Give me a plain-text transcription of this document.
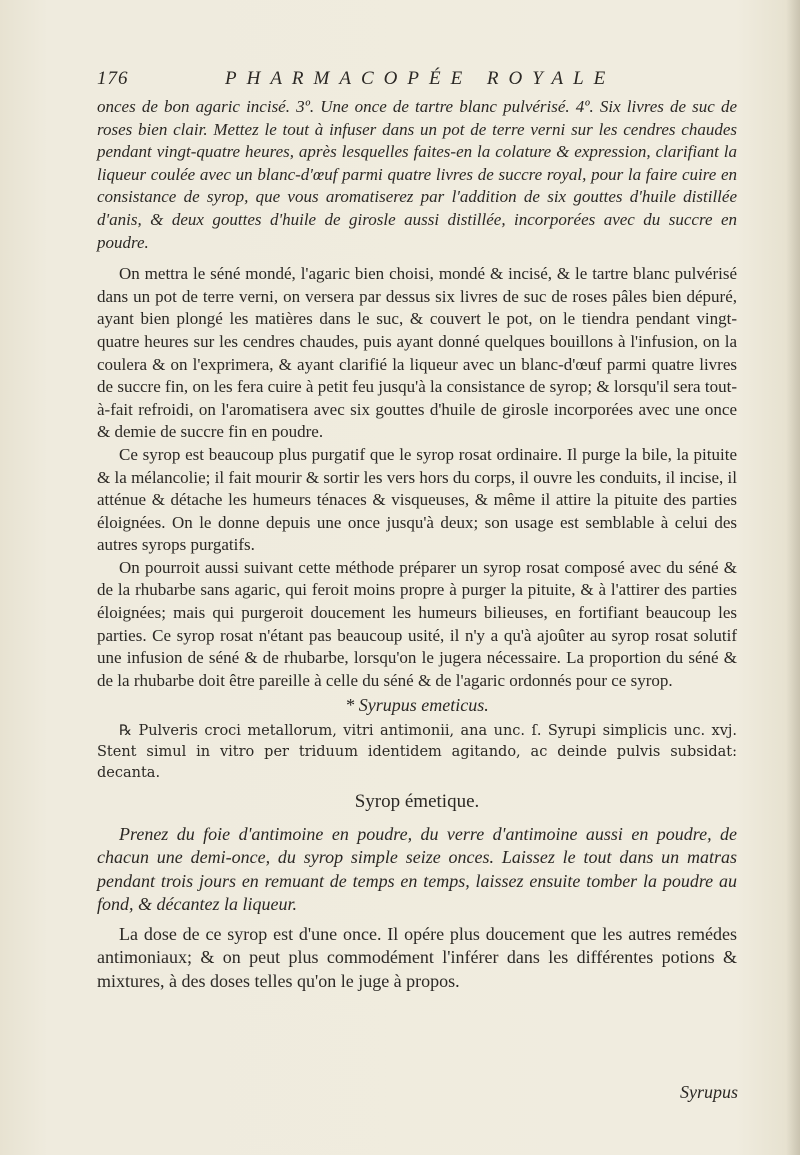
176	PHARMACOPÉE ROYALE

onces de bon agaric incisé. 3º. Une once de tartre blanc pulvérisé. 4º. Six livres de suc de roses bien clair. Mettez le tout à infuser dans un pot de terre verni sur les cendres chaudes pendant vingt-quatre heures, après lesquelles faites-en la colature & expression, clarifiant la liqueur coulée avec un blanc-d'œuf parmi quatre livres de succre royal, pour la faire cuire en consistance de syrop, que vous aromatiserez par l'addition de six gouttes d'huile distillée d'anis, & deux gouttes d'huile de girosle aussi distillée, incorporées avec du succre en poudre.

On mettra le séné mondé, l'agaric bien choisi, mondé & incisé, & le tartre blanc pulvérisé dans un pot de terre verni, on versera par dessus six livres de suc de roses pâles bien dépuré, ayant bien plongé les matières dans le suc, & couvert le pot, on le tiendra pendant vingt-quatre heures sur les cendres chaudes, puis ayant donné quelques bouillons à l'infusion, on la coulera & on l'exprimera, & ayant clarifié la liqueur avec un blanc-d'œuf parmi quatre livres de succre fin, on les fera cuire à petit feu jusqu'à la consistance de syrop; & lorsqu'il sera tout-à-fait refroidi, on l'aromatisera avec six gouttes d'huile de girosle incorporées avec une once & demie de succre fin en poudre.

Ce syrop est beaucoup plus purgatif que le syrop rosat ordinaire. Il purge la bile, la pituite & la mélancolie; il fait mourir & sortir les vers hors du corps, il ouvre les conduits, il incise, il atténue & détache les humeurs ténaces & visqueuses, & même il attire la pituite des parties éloignées. On le donne depuis une once jusqu'à deux; son usage est semblable à celui des autres syrops purgatifs.

On pourroit aussi suivant cette méthode préparer un syrop rosat composé avec du séné & de la rhubarbe sans agaric, qui feroit moins propre à purger la pituite, & à l'attirer des parties éloignées; mais qui purgeroit doucement les humeurs bilieuses, en fortifiant beaucoup les parties. Ce syrop rosat n'étant pas beaucoup usité, il n'y a qu'à ajoûter au syrop rosat solutif une infusion de séné & de rhubarbe, lorsqu'on le jugera nécessaire. La proportion du séné & de la rhubarbe doit être pareille à celle du séné & de l'agaric ordonnés pour ce syrop.

* Syrupus emeticus.

℞ Pulveris croci metallorum, vitri antimonii, ana unc. ſ. Syrupi simplicis unc. xvj. Stent simul in vitro per triduum identidem agitando, ac deinde pulvis subsidat: decanta.

Syrop émetique.

Prenez du foie d'antimoine en poudre, du verre d'antimoine aussi en poudre, de chacun une demi-once, du syrop simple seize onces. Laissez le tout dans un matras pendant trois jours en remuant de temps en temps, laissez ensuite tomber la poudre au fond, & décantez la liqueur.

La dose de ce syrop est d'une once. Il opére plus doucement que les autres remédes antimoniaux; & on peut plus commodément l'inférer dans les différentes potions & mixtures, à des doses telles qu'on le juge à propos.

Syrupus
